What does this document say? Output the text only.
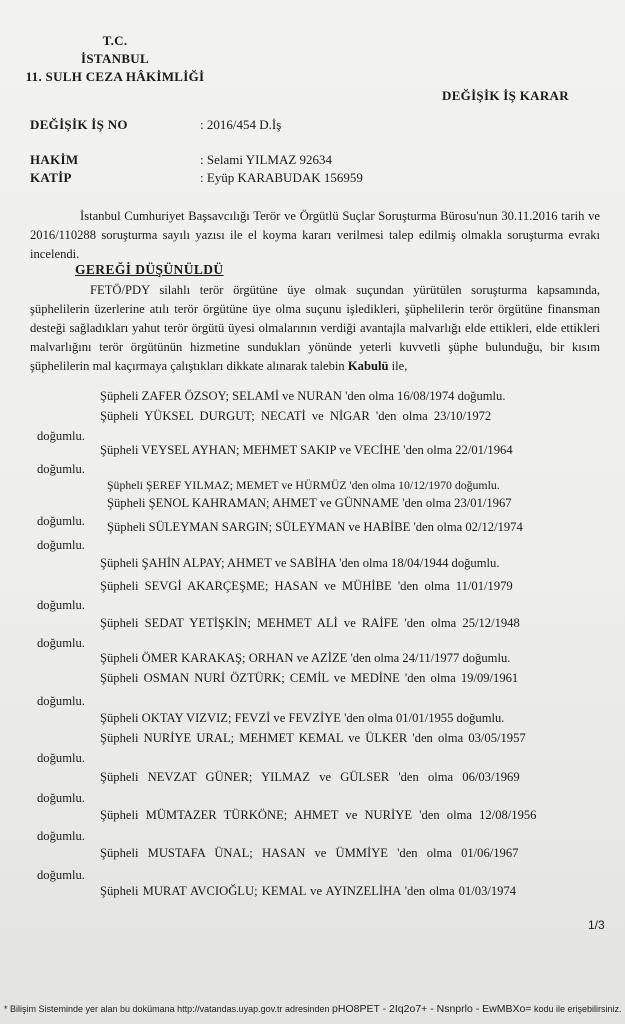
T.C.
İSTANBUL
11. SULH CEZA HÂKİMLİĞİ
DEĞİŞİK İŞ KARAR
DEĞİŞİK İŞ NO	: 2016/454 D.İş
HAKİM	: Selami YILMAZ 92634
KATİP	: Eyüp KARABUDAK 156959
İstanbul Cumhuriyet Başsavcılığı Terör ve Örgütlü Suçlar Soruşturma Bürosu'nun 30.11.2016 tarih ve 2016/110288 soruşturma sayılı yazısı ile el koyma kararı verilmesi talep edilmiş olmakla soruşturma evrakı incelendi.
GEREĞİ DÜŞÜNÜLDÜ
FETÖ/PDY silahlı terör örgütüne üye olmak suçundan yürütülen soruşturma kapsamında, şüphelilerin üzerlerine atılı terör örgütüne üye olma suçunu işledikleri, şüphelilerin terör örgütüne finansman desteği sağladıkları yahut terör örgütü üyesi olmalarının verdiği avantajla malvarlığı elde ettikleri, elde ettikleri malvarlığını terör örgütünün hizmetine sundukları yönünde yeterli kuvvetli şüphe bulunduğu, bir kısım şüphelilerin mal kaçırmaya çalıştıkları dikkate alınarak talebin Kabulü ile,
Şüpheli ZAFER ÖZSOY; SELAMİ ve NURAN 'den olma 16/08/1974 doğumlu.
Şüpheli YÜKSEL DURGUT; NECATİ ve NİGAR 'den olma 23/10/1972
doğumlu.
Şüpheli VEYSEL AYHAN; MEHMET SAKIP ve VECİHE 'den olma 22/01/1964
doğumlu.
Şüpheli ŞEREF YILMAZ; MEMET ve HÜRMÜZ 'den olma 10/12/1970 doğumlu.
Şüpheli ŞENOL KAHRAMAN; AHMET ve GÜNNAME 'den olma 23/01/1967
doğumlu. Şüpheli SÜLEYMAN SARGIN; SÜLEYMAN ve HABİBE 'den olma 02/12/1974
doğumlu.
Şüpheli ŞAHİN ALPAY; AHMET ve SABİHA 'den olma 18/04/1944 doğumlu.
Şüpheli SEVGİ AKARÇEŞME; HASAN ve MÜHİBE 'den olma 11/01/1979
doğumlu.
Şüpheli SEDAT YETİŞKİN; MEHMET ALİ ve RAİFE 'den olma 25/12/1948
doğumlu.
Şüpheli ÖMER KARAKAŞ; ORHAN ve AZİZE 'den olma 24/11/1977 doğumlu.
Şüpheli OSMAN NURİ ÖZTÜRK; CEMİL ve MEDİNE 'den olma 19/09/1961
doğumlu.
Şüpheli OKTAY VIZVIZ; FEVZİ ve FEVZİYE 'den olma 01/01/1955 doğumlu.
Şüpheli NURİYE URAL; MEHMET KEMAL ve ÜLKER 'den olma 03/05/1957
doğumlu.
Şüpheli NEVZAT GÜNER; YILMAZ ve GÜLSER 'den olma 06/03/1969
doğumlu.
Şüpheli MÜMTAZER TÜRKÖNE; AHMET ve NURİYE 'den olma 12/08/1956
doğumlu.
Şüpheli MUSTAFA ÜNAL; HASAN ve ÜMMİYE 'den olma 01/06/1967
doğumlu.
Şüpheli MURAT AVCIOĞLU; KEMAL ve AYINZELİHA 'den olma 01/03/1974
1/3
* Bilişim Sisteminde yer alan bu dokümana http://vatandas.uyap.gov.tr adresinden pHO8PET - 2Iq2o7+ - Nsnprlo - EwMBXo= kodu ile erişebilirsiniz.
